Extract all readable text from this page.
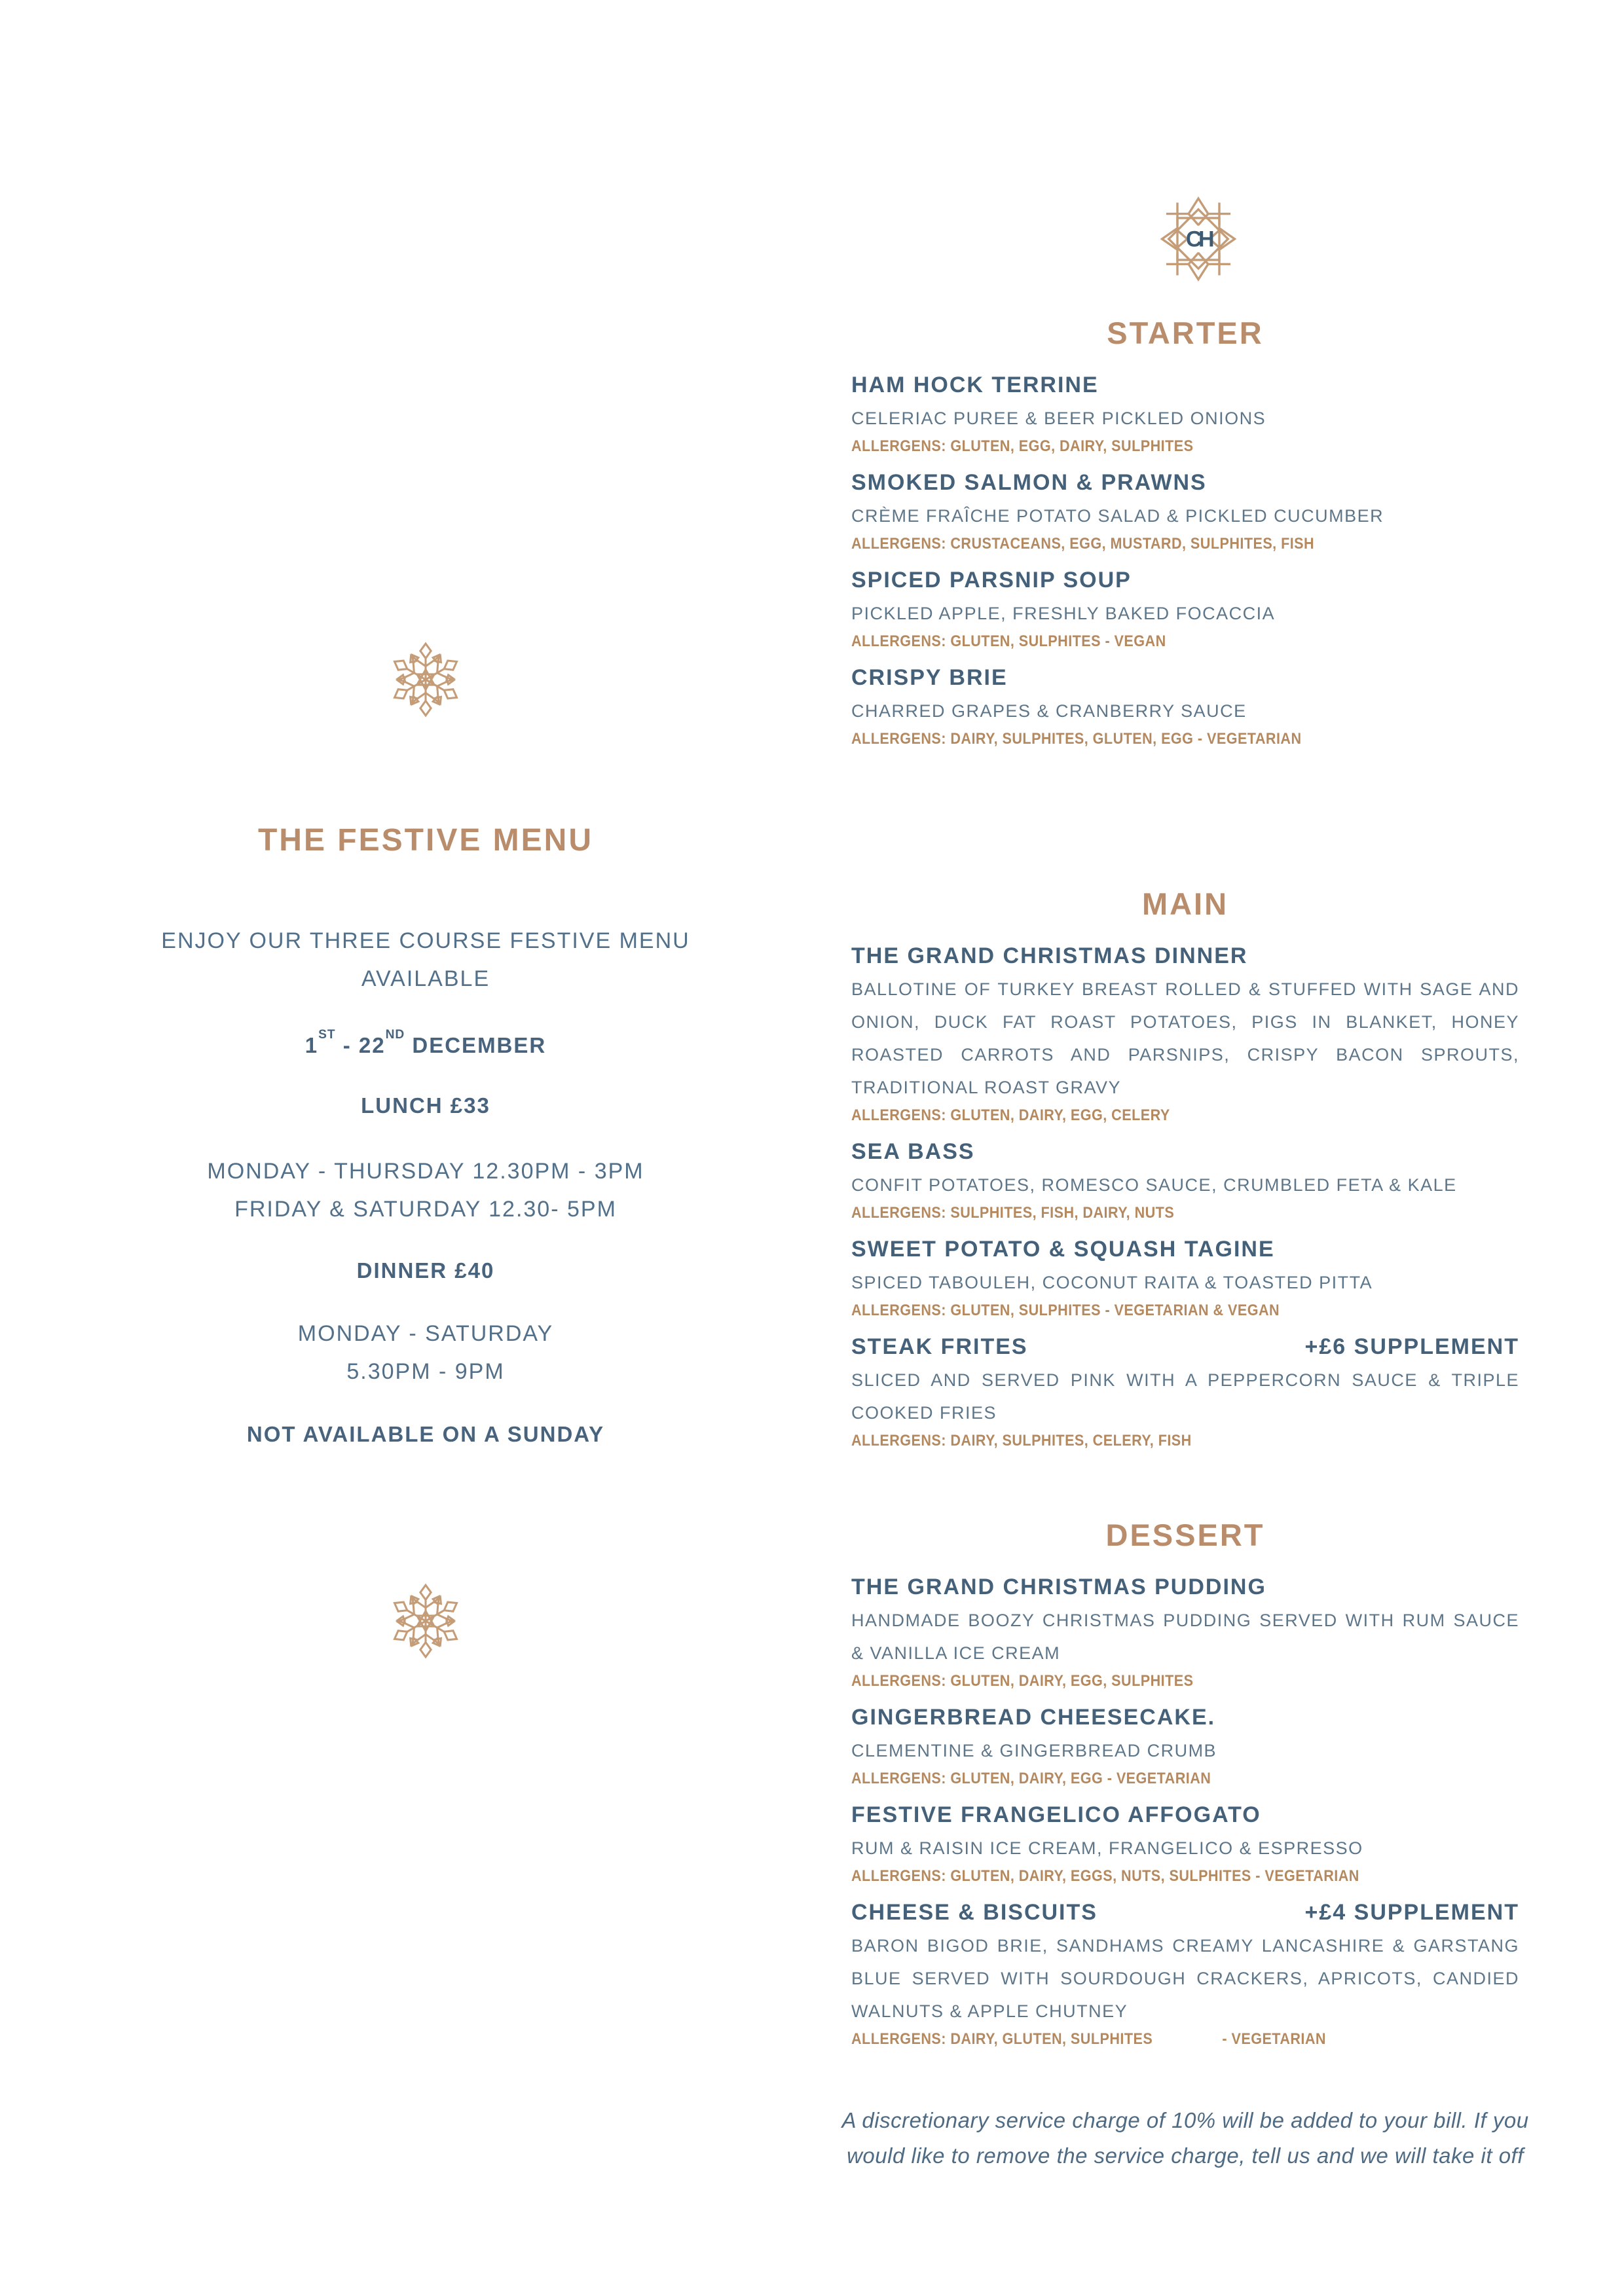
CH
THE FESTIVE MENU
ENJOY OUR THREE COURSE FESTIVE MENU
AVAILABLE
1ST - 22ND DECEMBER
LUNCH £33
MONDAY - THURSDAY 12.30PM - 3PM
FRIDAY & SATURDAY 12.30- 5PM
DINNER £40
MONDAY - SATURDAY
5.30PM - 9PM
NOT AVAILABLE ON A SUNDAY
STARTER
HAM HOCK TERRINE
CELERIAC PUREE & BEER PICKLED ONIONS
ALLERGENS: GLUTEN, EGG, DAIRY, SULPHITES
SMOKED SALMON & PRAWNS
CRÈME FRAÎCHE POTATO SALAD & PICKLED CUCUMBER
ALLERGENS: CRUSTACEANS, EGG, MUSTARD, SULPHITES, FISH
SPICED PARSNIP SOUP
PICKLED APPLE, FRESHLY BAKED FOCACCIA
ALLERGENS: GLUTEN, SULPHITES - VEGAN
CRISPY BRIE
CHARRED GRAPES & CRANBERRY SAUCE
ALLERGENS: DAIRY, SULPHITES, GLUTEN, EGG - VEGETARIAN
MAIN
THE GRAND CHRISTMAS DINNER
BALLOTINE OF TURKEY BREAST ROLLED & STUFFED WITH SAGE AND ONION, DUCK FAT ROAST POTATOES, PIGS IN BLANKET, HONEY ROASTED CARROTS AND PARSNIPS, CRISPY BACON SPROUTS, TRADITIONAL ROAST GRAVY
ALLERGENS: GLUTEN, DAIRY, EGG, CELERY
SEA BASS
CONFIT POTATOES, ROMESCO SAUCE, CRUMBLED FETA & KALE
ALLERGENS: SULPHITES, FISH, DAIRY, NUTS
SWEET POTATO & SQUASH TAGINE
SPICED TABOULEH, COCONUT RAITA & TOASTED PITTA
ALLERGENS: GLUTEN, SULPHITES - VEGETARIAN & VEGAN
STEAK FRITES	+£6 SUPPLEMENT
SLICED AND SERVED PINK WITH A PEPPERCORN SAUCE & TRIPLE COOKED FRIES
ALLERGENS: DAIRY, SULPHITES, CELERY, FISH
DESSERT
THE GRAND CHRISTMAS PUDDING
HANDMADE BOOZY CHRISTMAS PUDDING SERVED WITH RUM SAUCE & VANILLA ICE CREAM
ALLERGENS: GLUTEN, DAIRY, EGG, SULPHITES
GINGERBREAD CHEESECAKE.
CLEMENTINE & GINGERBREAD CRUMB
ALLERGENS: GLUTEN, DAIRY, EGG - VEGETARIAN
FESTIVE FRANGELICO AFFOGATO
RUM & RAISIN ICE CREAM, FRANGELICO & ESPRESSO
ALLERGENS: GLUTEN, DAIRY, EGGS, NUTS, SULPHITES - VEGETARIAN
CHEESE & BISCUITS	+£4 SUPPLEMENT
BARON BIGOD BRIE, SANDHAMS CREAMY LANCASHIRE & GARSTANG BLUE SERVED WITH SOURDOUGH CRACKERS, APRICOTS, CANDIED WALNUTS & APPLE CHUTNEY
ALLERGENS: DAIRY, GLUTEN, SULPHITES	- VEGETARIAN
A discretionary service charge of 10% will be added to your bill. If you would like to remove the service charge, tell us and we will take it off
